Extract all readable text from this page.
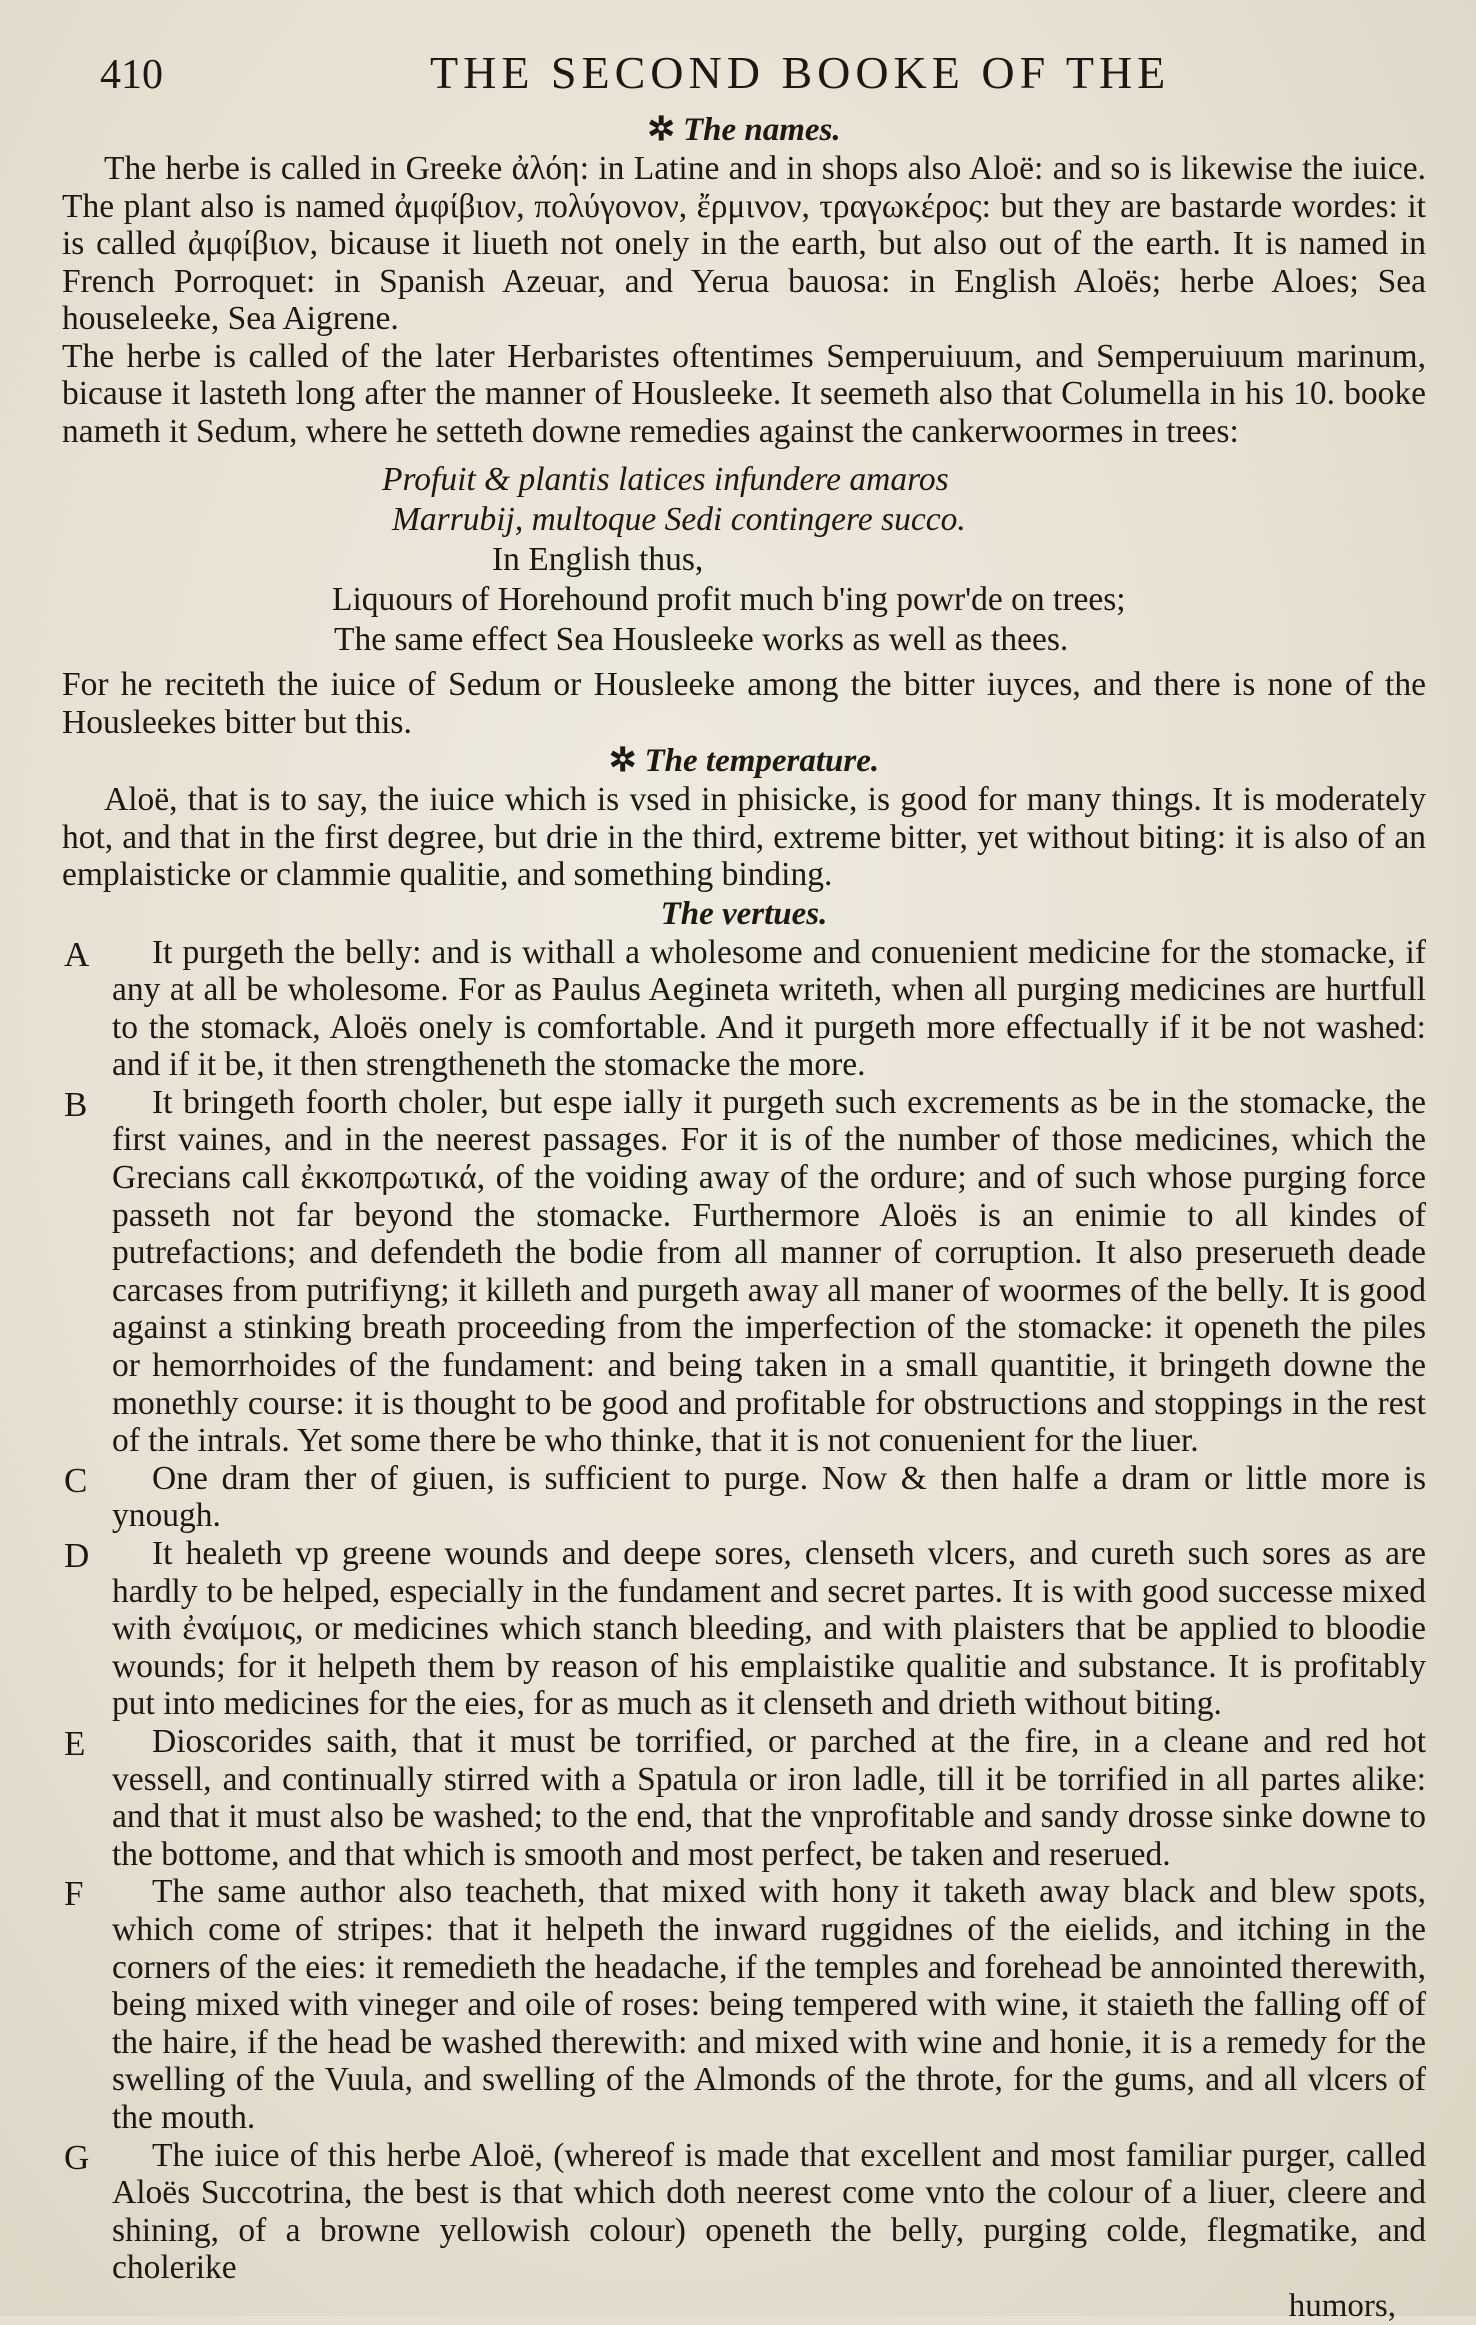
410	THE SECOND BOOKE OF THE
✲ The names.

The herbe is called in Greeke ἀλόη: in Latine and in shops also Aloë: and so is likewise the iuice. The plant also is named ἀμφίβιον, πολύγονον, ἔρμινον, τραγωκέρος: but they are bastarde wordes: it is called ἀμφίβιον, bicause it liueth not onely in the earth, but also out of the earth. It is named in French Porroquet: in Spanish Azeuar, and Yerua bauosa: in English Aloës; herbe Aloes; Sea houseleeke, Sea Aigrene.

The herbe is called of the later Herbaristes oftentimes Semperuiuum, and Semperuiuum marinum, bicause it lasteth long after the manner of Housleeke. It seemeth also that Columella in his 10. booke nameth it Sedum, where he setteth downe remedies against the cankerwoormes in trees:

Profuit & plantis latices infundere amaros
Marrubij, multoque Sedi contingere succo.
In English thus,
Liquours of Horehound profit much b'ing powr'de on trees;
The same effect Sea Housleeke works as well as thees.

For he reciteth the iuice of Sedum or Housleeke among the bitter iuyces, and there is none of the Housleekes bitter but this.

✲ The temperature.

Aloë, that is to say, the iuice which is vsed in phisicke, is good for many things. It is moderately hot, and that in the first degree, but drie in the third, extreme bitter, yet without biting: it is also of an emplaisticke or clammie qualitie, and something binding.

The vertues.
A	It purgeth the belly: and is withall a wholesome and conuenient medicine for the stomacke, if any at all be wholesome. For as Paulus Aegineta writeth, when all purging medicines are hurtfull to the stomack, Aloës onely is comfortable. And it purgeth more effectually if it be not washed: and if it be, it then strengtheneth the stomacke the more.
B	It bringeth foorth choler, but espe ially it purgeth such excrements as be in the stomacke, the first vaines, and in the neerest passages. For it is of the number of those medicines, which the Grecians call ἐκκοπρωτικά, of the voiding away of the ordure; and of such whose purging force passeth not far beyond the stomacke. Furthermore Aloës is an enimie to all kindes of putrefactions; and defendeth the bodie from all manner of corruption. It also preserueth deade carcases from putrifiyng; it killeth and purgeth away all maner of woormes of the belly. It is good against a stinking breath proceeding from the imperfection of the stomacke: it openeth the piles or hemorrhoides of the fundament: and being taken in a small quantitie, it bringeth downe the monethly course: it is thought to be good and profitable for obstructions and stoppings in the rest of the intrals. Yet some there be who thinke, that it is not conuenient for the liuer.
C	One dram ther of giuen, is sufficient to purge. Now & then halfe a dram or little more is ynough.
D	It healeth vp greene wounds and deepe sores, clenseth vlcers, and cureth such sores as are hardly to be helped, especially in the fundament and secret partes. It is with good successe mixed with ἐναίμοις, or medicines which stanch bleeding, and with plaisters that be applied to bloodie wounds; for it helpeth them by reason of his emplaistike qualitie and substance. It is profitably put into medicines for the eies, for as much as it clenseth and drieth without biting.
E	Dioscorides saith, that it must be torrified, or parched at the fire, in a cleane and red hot vessell, and continually stirred with a Spatula or iron ladle, till it be torrified in all partes alike: and that it must also be washed; to the end, that the vnprofitable and sandy drosse sinke downe to the bottome, and that which is smooth and most perfect, be taken and reserued.
F	The same author also teacheth, that mixed with hony it taketh away black and blew spots, which come of stripes: that it helpeth the inward ruggidnes of the eielids, and itching in the corners of the eies: it remedieth the headache, if the temples and forehead be annointed therewith, being mixed with vineger and oile of roses: being tempered with wine, it staieth the falling off of the haire, if the head be washed therewith: and mixed with wine and honie, it is a remedy for the swelling of the Vuula, and swelling of the Almonds of the throte, for the gums, and all vlcers of the mouth.
G	The iuice of this herbe Aloë, (whereof is made that excellent and most familiar purger, called Aloës Succotrina, the best is that which doth neerest come vnto the colour of a liuer, cleere and shining, of a browne yellowish colour) openeth the belly, purging colde, flegmatike, and cholerike

humors,
